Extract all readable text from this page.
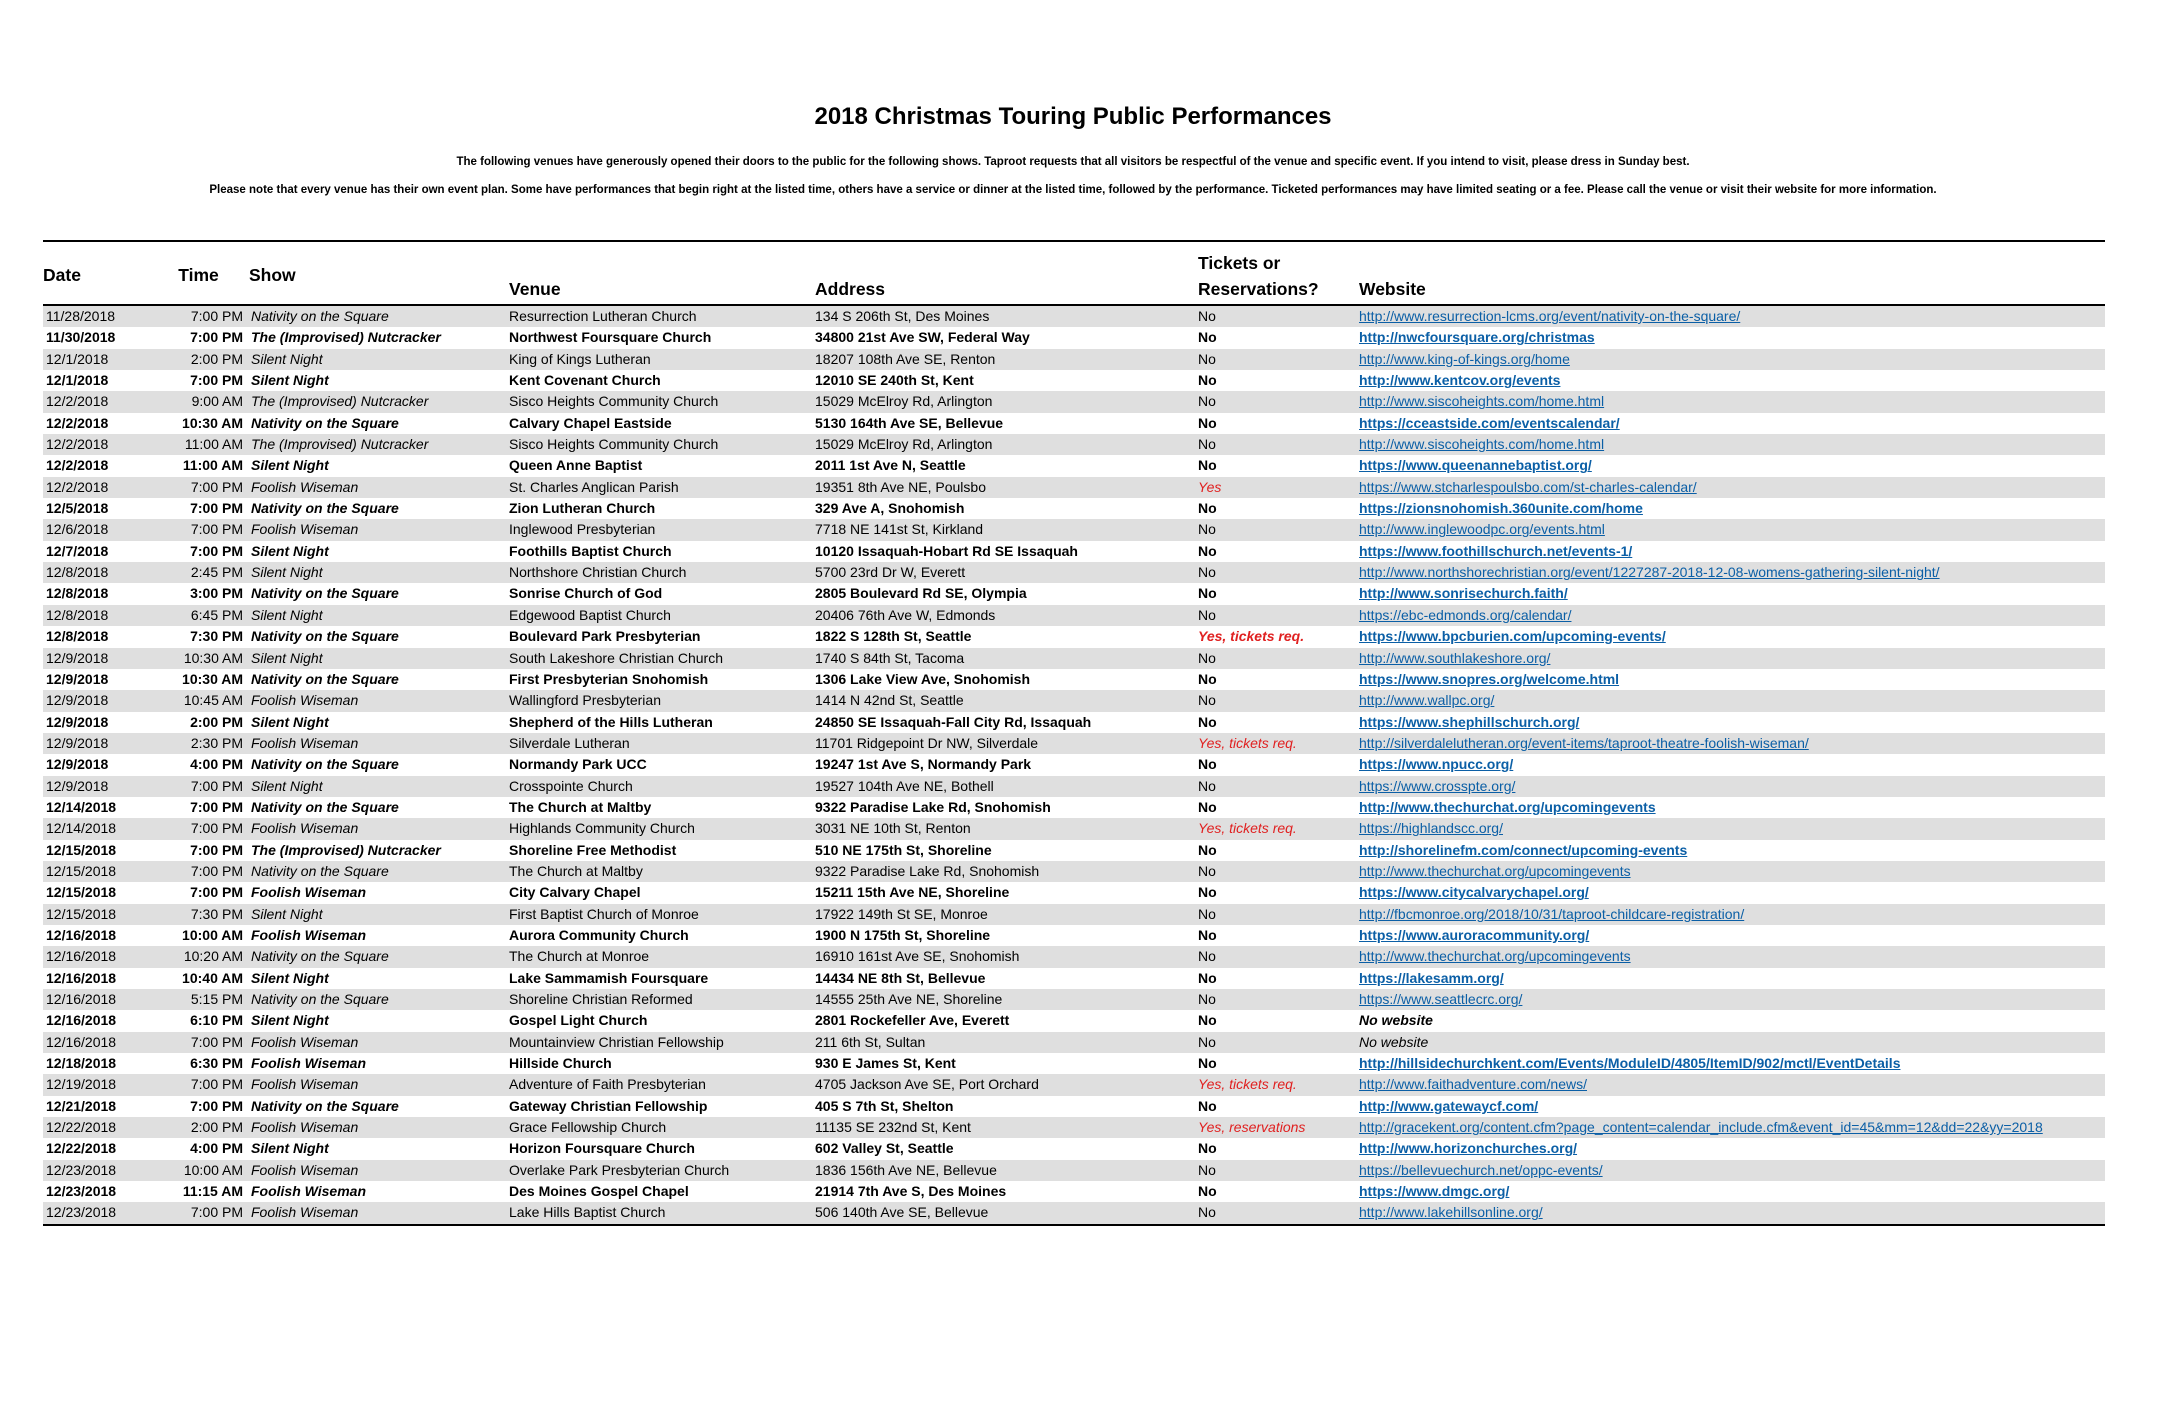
2018 Christmas Touring Public Performances

The following venues have generously opened their doors to the public for the following shows. Taproot requests that all visitors be respectful of the venue and specific event. If you intend to visit, please dress in Sunday best.

Please note that every venue has their own event plan. Some have performances that begin right at the listed time, others have a service or dinner at the listed time, followed by the performance. Ticketed performances may have limited seating or a fee. Please call the venue or visit their website for more information.

Date	Time	Show	Venue	Address	Tickets or
Reservations?	Website
11/28/2018	7:00 PM	Nativity on the Square	Resurrection Lutheran Church	134 S 206th St, Des Moines	No	http://www.resurrection-lcms.org/event/nativity-on-the-square/
11/30/2018	7:00 PM	The (Improvised) Nutcracker	Northwest Foursquare Church	34800 21st Ave SW, Federal Way	No	http://nwcfoursquare.org/christmas
12/1/2018	2:00 PM	Silent Night	King of Kings Lutheran	18207 108th Ave SE, Renton	No	http://www.king-of-kings.org/home
12/1/2018	7:00 PM	Silent Night	Kent Covenant Church	12010 SE 240th St, Kent	No	http://www.kentcov.org/events
12/2/2018	9:00 AM	The (Improvised) Nutcracker	Sisco Heights Community Church	15029 McElroy Rd, Arlington	No	http://www.siscoheights.com/home.html
12/2/2018	10:30 AM	Nativity on the Square	Calvary Chapel Eastside	5130 164th Ave SE, Bellevue	No	https://cceastside.com/eventscalendar/
12/2/2018	11:00 AM	The (Improvised) Nutcracker	Sisco Heights Community Church	15029 McElroy Rd, Arlington	No	http://www.siscoheights.com/home.html
12/2/2018	11:00 AM	Silent Night	Queen Anne Baptist	2011 1st Ave N, Seattle	No	https://www.queenannebaptist.org/
12/2/2018	7:00 PM	Foolish Wiseman	St. Charles Anglican Parish	19351 8th Ave NE, Poulsbo	Yes	https://www.stcharlespoulsbo.com/st-charles-calendar/
12/5/2018	7:00 PM	Nativity on the Square	Zion Lutheran Church	329 Ave A, Snohomish	No	https://zionsnohomish.360unite.com/home
12/6/2018	7:00 PM	Foolish Wiseman	Inglewood Presbyterian	7718 NE 141st St, Kirkland	No	http://www.inglewoodpc.org/events.html
12/7/2018	7:00 PM	Silent Night	Foothills Baptist Church	10120 Issaquah-Hobart Rd SE Issaquah	No	https://www.foothillschurch.net/events-1/
12/8/2018	2:45 PM	Silent Night	Northshore Christian Church	5700 23rd Dr W, Everett	No	http://www.northshorechristian.org/event/1227287-2018-12-08-womens-gathering-silent-night/
12/8/2018	3:00 PM	Nativity on the Square	Sonrise Church of God	2805 Boulevard Rd SE, Olympia	No	http://www.sonrisechurch.faith/
12/8/2018	6:45 PM	Silent Night	Edgewood Baptist Church	20406 76th Ave W, Edmonds	No	https://ebc-edmonds.org/calendar/
12/8/2018	7:30 PM	Nativity on the Square	Boulevard Park Presbyterian	1822 S 128th St, Seattle	Yes, tickets req.	https://www.bpcburien.com/upcoming-events/
12/9/2018	10:30 AM	Silent Night	South Lakeshore Christian Church	1740 S 84th St, Tacoma	No	http://www.southlakeshore.org/
12/9/2018	10:30 AM	Nativity on the Square	First Presbyterian Snohomish	1306 Lake View Ave, Snohomish	No	https://www.snopres.org/welcome.html
12/9/2018	10:45 AM	Foolish Wiseman	Wallingford Presbyterian	1414 N 42nd St, Seattle	No	http://www.wallpc.org/
12/9/2018	2:00 PM	Silent Night	Shepherd of the Hills Lutheran	24850 SE Issaquah-Fall City Rd, Issaquah	No	https://www.shephillschurch.org/
12/9/2018	2:30 PM	Foolish Wiseman	Silverdale Lutheran	11701 Ridgepoint Dr NW, Silverdale	Yes, tickets req.	http://silverdalelutheran.org/event-items/taproot-theatre-foolish-wiseman/
12/9/2018	4:00 PM	Nativity on the Square	Normandy Park UCC	19247 1st Ave S, Normandy Park	No	https://www.npucc.org/
12/9/2018	7:00 PM	Silent Night	Crosspointe Church	19527 104th Ave NE, Bothell	No	https://www.crosspte.org/
12/14/2018	7:00 PM	Nativity on the Square	The Church at Maltby	9322 Paradise Lake Rd, Snohomish	No	http://www.thechurchat.org/upcomingevents
12/14/2018	7:00 PM	Foolish Wiseman	Highlands Community Church	3031 NE 10th St, Renton	Yes, tickets req.	https://highlandscc.org/
12/15/2018	7:00 PM	The (Improvised) Nutcracker	Shoreline Free Methodist	510 NE 175th St, Shoreline	No	http://shorelinefm.com/connect/upcoming-events
12/15/2018	7:00 PM	Nativity on the Square	The Church at Maltby	9322 Paradise Lake Rd, Snohomish	No	http://www.thechurchat.org/upcomingevents
12/15/2018	7:00 PM	Foolish Wiseman	City Calvary Chapel	15211 15th Ave NE, Shoreline	No	https://www.citycalvarychapel.org/
12/15/2018	7:30 PM	Silent Night	First Baptist Church of Monroe	17922 149th St SE, Monroe	No	http://fbcmonroe.org/2018/10/31/taproot-childcare-registration/
12/16/2018	10:00 AM	Foolish Wiseman	Aurora Community Church	1900 N 175th St, Shoreline	No	https://www.auroracommunity.org/
12/16/2018	10:20 AM	Nativity on the Square	The Church at Monroe	16910 161st Ave SE, Snohomish	No	http://www.thechurchat.org/upcomingevents
12/16/2018	10:40 AM	Silent Night	Lake Sammamish Foursquare	14434 NE 8th St, Bellevue	No	https://lakesamm.org/
12/16/2018	5:15 PM	Nativity on the Square	Shoreline Christian Reformed	14555 25th Ave NE, Shoreline	No	https://www.seattlecrc.org/
12/16/2018	6:10 PM	Silent Night	Gospel Light Church	2801 Rockefeller Ave, Everett	No	No website
12/16/2018	7:00 PM	Foolish Wiseman	Mountainview Christian Fellowship	211 6th St, Sultan	No	No website
12/18/2018	6:30 PM	Foolish Wiseman	Hillside Church	930 E James St, Kent	No	http://hillsidechurchkent.com/Events/ModuleID/4805/ItemID/902/mctl/EventDetails
12/19/2018	7:00 PM	Foolish Wiseman	Adventure of Faith Presbyterian	4705 Jackson Ave SE, Port Orchard	Yes, tickets req.	http://www.faithadventure.com/news/
12/21/2018	7:00 PM	Nativity on the Square	Gateway Christian Fellowship	405 S 7th St, Shelton	No	http://www.gatewaycf.com/
12/22/2018	2:00 PM	Foolish Wiseman	Grace Fellowship Church	11135 SE 232nd St, Kent	Yes, reservations	http://gracekent.org/content.cfm?page_content=calendar_include.cfm&event_id=45&mm=12&dd=22&yy=2018
12/22/2018	4:00 PM	Silent Night	Horizon Foursquare Church	602 Valley St, Seattle	No	http://www.horizonchurches.org/
12/23/2018	10:00 AM	Foolish Wiseman	Overlake Park Presbyterian Church	1836 156th Ave NE, Bellevue	No	https://bellevuechurch.net/oppc-events/
12/23/2018	11:15 AM	Foolish Wiseman	Des Moines Gospel Chapel	21914 7th Ave S, Des Moines	No	https://www.dmgc.org/
12/23/2018	7:00 PM	Foolish Wiseman	Lake Hills Baptist Church	506 140th Ave SE, Bellevue	No	http://www.lakehillsonline.org/
